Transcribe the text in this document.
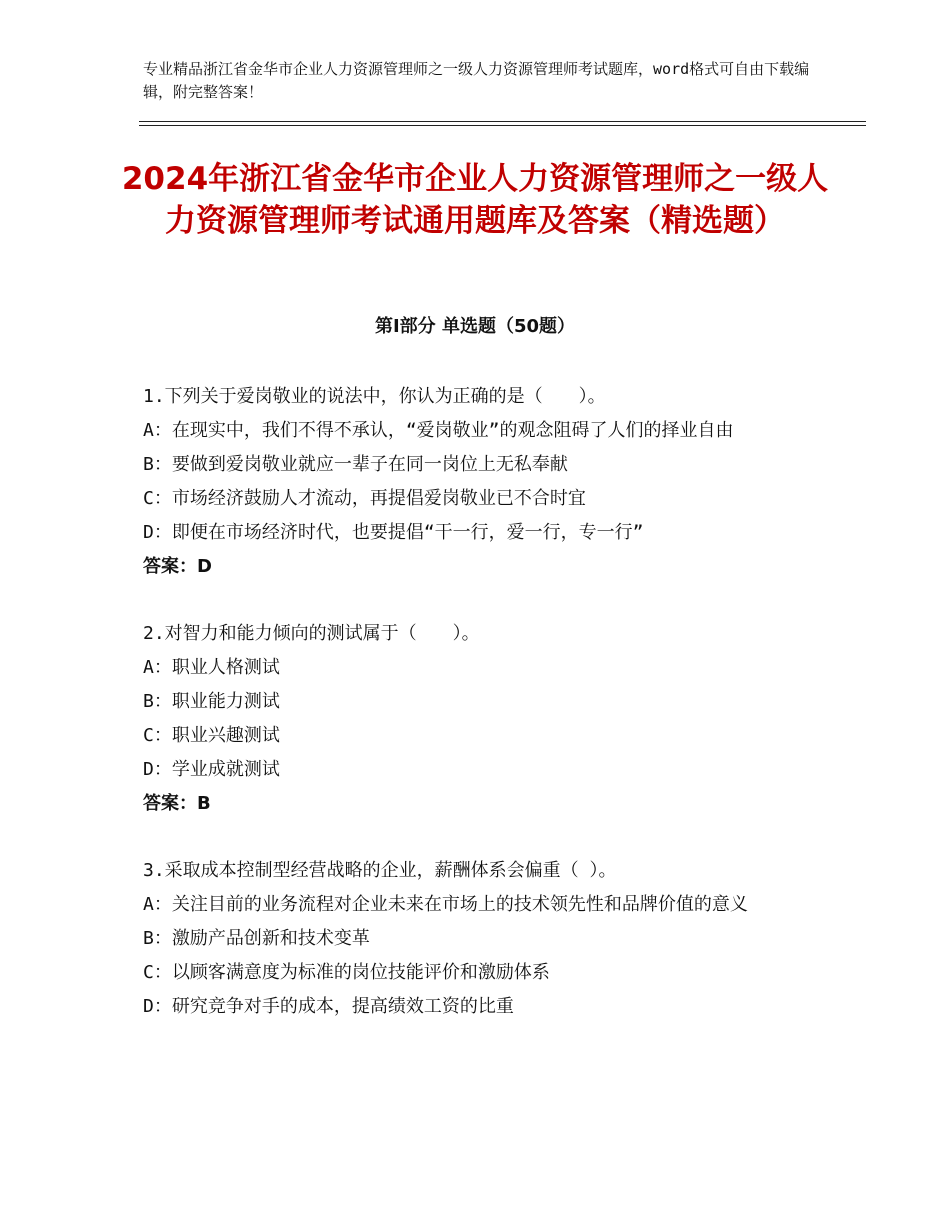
专业精品浙江省金华市企业人力资源管理师之一级人力资源管理师考试题库，word格式可自由下载编辑，附完整答案！
2024年浙江省金华市企业人力资源管理师之一级人力资源管理师考试通用题库及答案（精选题）
第Ⅰ部分 单选题（50题）

1.下列关于爱岗敬业的说法中，你认为正确的是（　　）。

A：在现实中，我们不得不承认，“爱岗敬业”的观念阻碍了人们的择业自由

B：要做到爱岗敬业就应一辈子在同一岗位上无私奉献

C：市场经济鼓励人才流动，再提倡爱岗敬业已不合时宜

D：即便在市场经济时代，也要提倡“干一行，爱一行，专一行”

答案：D

2.对智力和能力倾向的测试属于（　　）。

A：职业人格测试

B：职业能力测试

C：职业兴趣测试

D：学业成就测试

答案：B

3.采取成本控制型经营战略的企业，薪酬体系会偏重（ ）。

A：关注目前的业务流程对企业未来在市场上的技术领先性和品牌价值的意义

B：激励产品创新和技术变革

C：以顾客满意度为标准的岗位技能评价和激励体系

D：研究竞争对手的成本，提高绩效工资的比重
